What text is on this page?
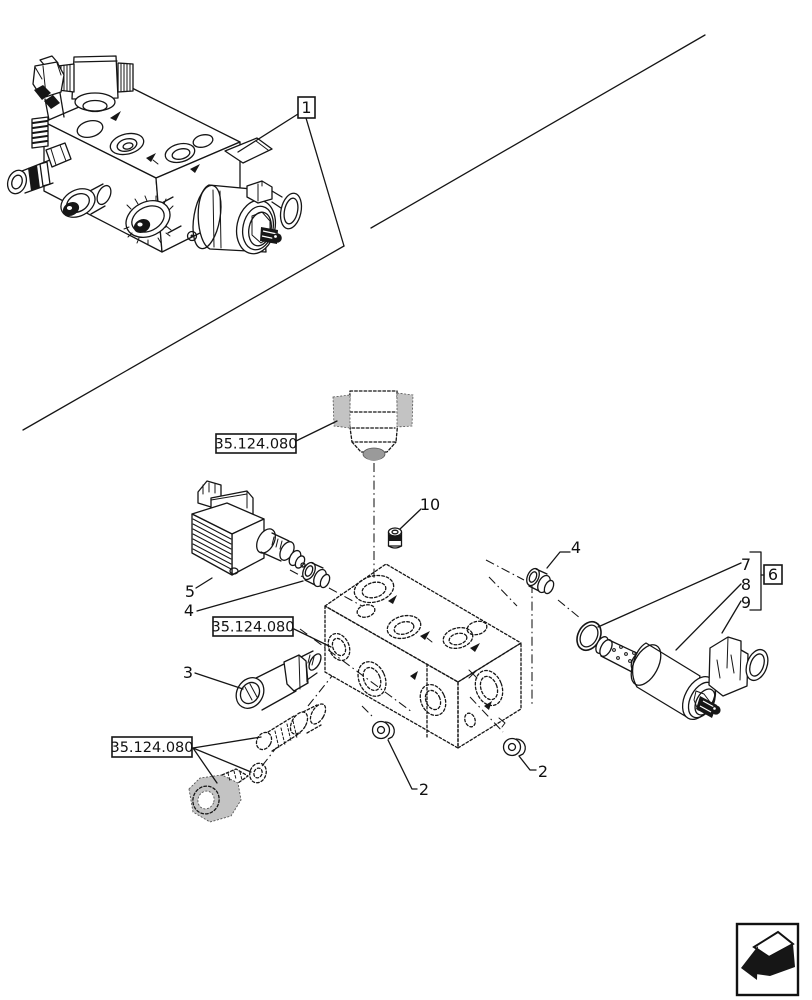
1
35.124.080
5
4
35.124.080
3
35.124.080
10
4
7
8
9
6
2
2
